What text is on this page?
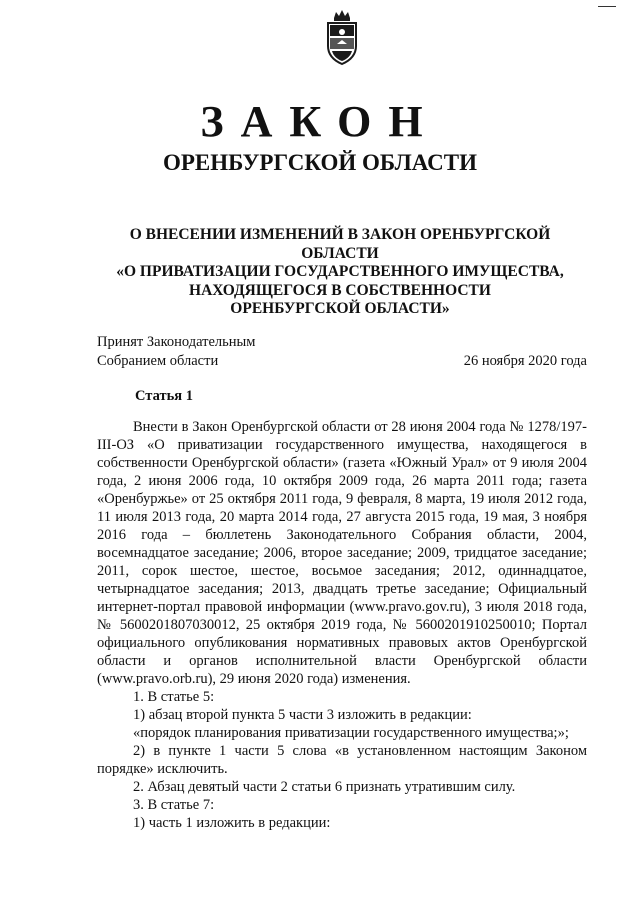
ЗАКОН
ОРЕНБУРГСКОЙ ОБЛАСТИ
О ВНЕСЕНИИ ИЗМЕНЕНИЙ В ЗАКОН ОРЕНБУРГСКОЙ ОБЛАСТИ
«О ПРИВАТИЗАЦИИ ГОСУДАРСТВЕННОГО ИМУЩЕСТВА,
НАХОДЯЩЕГОСЯ В СОБСТВЕННОСТИ
ОРЕНБУРГСКОЙ ОБЛАСТИ»
Принят Законодательным
Собранием области	26 ноября 2020 года
Статья 1

Внести в Закон Оренбургской области от 28 июня 2004 года № 1278/197-III-ОЗ «О приватизации государственного имущества, находящегося в собственности Оренбургской области» (газета «Южный Урал» от 9 июля 2004 года, 2 июня 2006 года, 10 октября 2009 года, 26 марта 2011 года; газета «Оренбуржье» от 25 октября 2011 года, 9 февраля, 8 марта, 19 июля 2012 года, 11 июля 2013 года, 20 марта 2014 года, 27 августа 2015 года, 19 мая, 3 ноября 2016 года – бюллетень Законодательного Собрания области, 2004, восемнадцатое заседание; 2006, второе заседание; 2009, тридцатое заседание; 2011, сорок шестое, шестое, восьмое заседания; 2012, одиннадцатое, четырнадцатое заседания; 2013, двадцать третье заседание; Официальный интернет-портал правовой информации (www.pravo.gov.ru), 3 июля 2018 года, № 5600201807030012, 25 октября 2019 года, № 5600201910250010; Портал официального опубликования нормативных правовых актов Оренбургской области и органов исполнительной власти Оренбургской области (www.pravo.orb.ru), 29 июня 2020 года) изменения.

1. В статье 5:

1) абзац второй пункта 5 части 3 изложить в редакции:

«порядок планирования приватизации государственного имущества;»;

2) в пункте 1 части 5 слова «в установленном настоящим Законом порядке» исключить.

2. Абзац девятый части 2 статьи 6 признать утратившим силу.

3. В статье 7:

1) часть 1 изложить в редакции:
